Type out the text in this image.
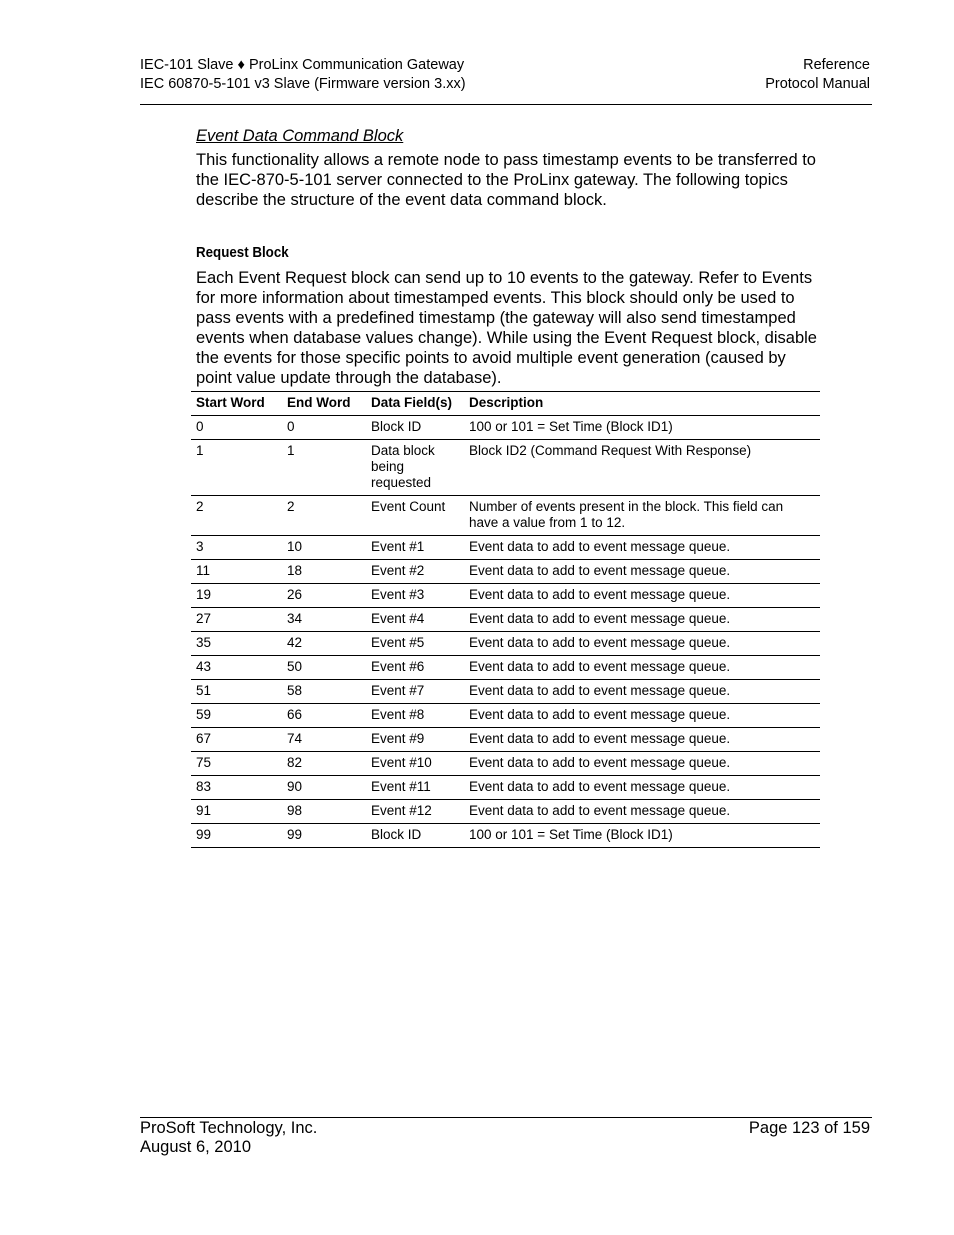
IEC-101 Slave ♦ ProLinx Communication Gateway
IEC 60870-5-101 v3 Slave (Firmware version 3.xx)
Reference
Protocol Manual

Event Data Command Block

This functionality allows a remote node to pass timestamp events to be transferred to the IEC-870-5-101 server connected to the ProLinx gateway. The following topics describe the structure of the event data command block.

Request Block

Each Event Request block can send up to 10 events to the gateway. Refer to Events for more information about timestamped events. This block should only be used to pass events with a predefined timestamp (the gateway will also send timestamped events when database values change). While using the Event Request block, disable the events for those specific points to avoid multiple event generation (caused by point value update through the database).

Start Word	End Word	Data Field(s)	Description
0	0	Block ID	100 or 101 = Set Time (Block ID1)
1	1	Data block being requested	Block ID2 (Command Request With Response)
2	2	Event Count	Number of events present in the block. This field can have a value from 1 to 12.
3	10	Event #1	Event data to add to event message queue.
11	18	Event #2	Event data to add to event message queue.
19	26	Event #3	Event data to add to event message queue.
27	34	Event #4	Event data to add to event message queue.
35	42	Event #5	Event data to add to event message queue.
43	50	Event #6	Event data to add to event message queue.
51	58	Event #7	Event data to add to event message queue.
59	66	Event #8	Event data to add to event message queue.
67	74	Event #9	Event data to add to event message queue.
75	82	Event #10	Event data to add to event message queue.
83	90	Event #11	Event data to add to event message queue.
91	98	Event #12	Event data to add to event message queue.
99	99	Block ID	100 or 101 = Set Time (Block ID1)
ProSoft Technology, Inc.
August 6, 2010
Page 123 of 159
